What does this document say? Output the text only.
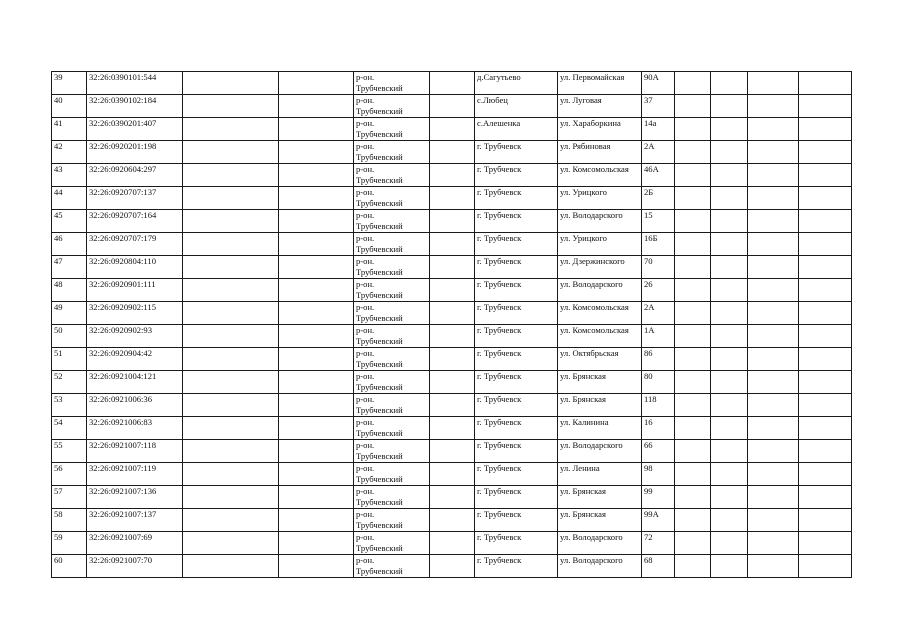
39	32:26:0390101:544			р-он.
Трубчевский		д.Сагутьево	ул. Первомайская	90А				
40	32:26:0390102:184			р-он.
Трубчевский		с.Любец	ул. Луговая	37				
41	32:26:0390201:407			р-он.
Трубчевский		с.Алешенка	ул. Хараборкина	14а				
42	32:26:0920201:198			р-он.
Трубчевский		г. Трубчевск	ул. Рябиновая	2А				
43	32:26:0920604:297			р-он.
Трубчевский		г. Трубчевск	ул. Комсомольская	46А				
44	32:26:0920707:137			р-он.
Трубчевский		г. Трубчевск	ул. Урицкого	2Б				
45	32:26:0920707:164			р-он.
Трубчевский		г. Трубчевск	ул. Володарского	15				
46	32:26:0920707:179			р-он.
Трубчевский		г. Трубчевск	ул. Урицкого	16Б				
47	32:26:0920804:110			р-он.
Трубчевский		г. Трубчевск	ул. Дзержинского	70				
48	32:26:0920901:111			р-он.
Трубчевский		г. Трубчевск	ул. Володарского	26				
49	32:26:0920902:115			р-он.
Трубчевский		г. Трубчевск	ул. Комсомольская	2А				
50	32:26:0920902:93			р-он.
Трубчевский		г. Трубчевск	ул. Комсомольская	1А				
51	32:26:0920904:42			р-он.
Трубчевский		г. Трубчевск	ул. Октябрьская	86				
52	32:26:0921004:121			р-он.
Трубчевский		г. Трубчевск	ул. Брянская	80				
53	32:26:0921006:36			р-он.
Трубчевский		г. Трубчевск	ул. Брянская	118				
54	32:26:0921006:83			р-он.
Трубчевский		г. Трубчевск	ул. Калинина	16				
55	32:26:0921007:118			р-он.
Трубчевский		г. Трубчевск	ул. Володарского	66				
56	32:26:0921007:119			р-он.
Трубчевский		г. Трубчевск	ул. Ленина	98				
57	32:26:0921007:136			р-он.
Трубчевский		г. Трубчевск	ул. Брянская	99				
58	32:26:0921007:137			р-он.
Трубчевский		г. Трубчевск	ул. Брянская	99А				
59	32:26:0921007:69			р-он.
Трубчевский		г. Трубчевск	ул. Володарского	72				
60	32:26:0921007:70			р-он.
Трубчевский		г. Трубчевск	ул. Володарского	68				
